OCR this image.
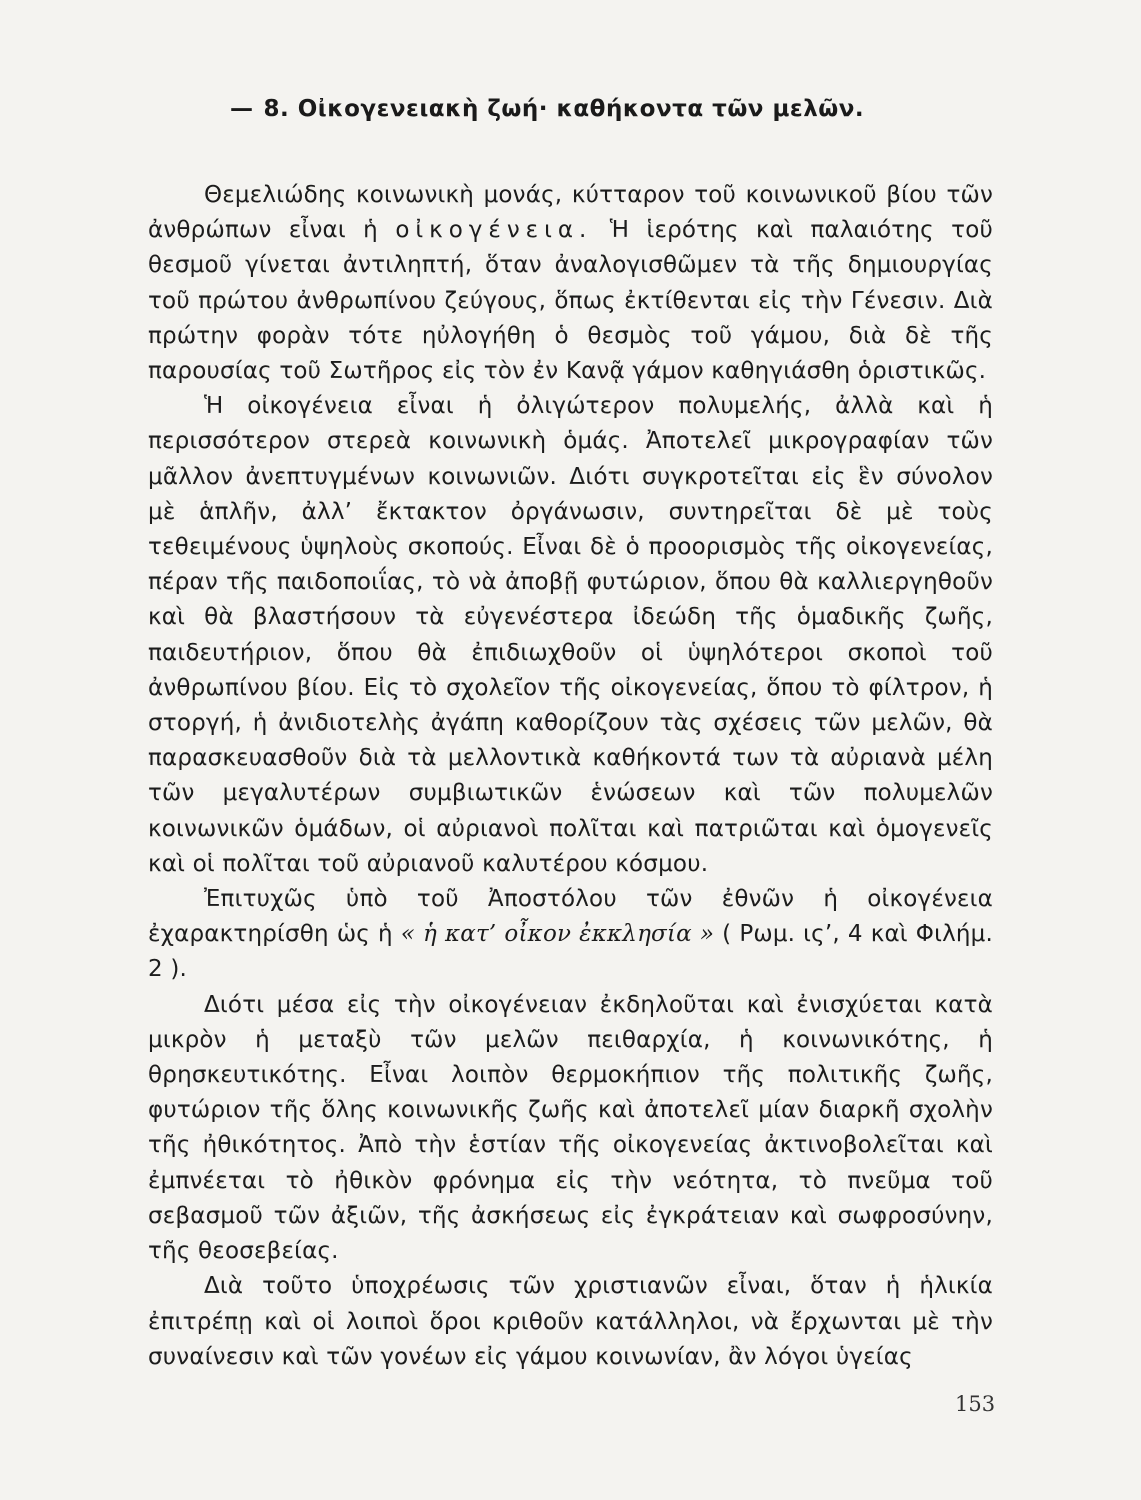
— 8. Οἰκογενειακὴ ζωή· καθήκοντα τῶν μελῶν.

Θεμελιώδης κοινωνικὴ μονάς, κύτταρον τοῦ κοινωνικοῦ βίου τῶν ἀνθρώπων εἶναι ἡ οἰκογένεια. Ἡ ἱερότης καὶ παλαιότης τοῦ θεσμοῦ γίνεται ἀντιληπτή, ὅταν ἀναλογισθῶμεν τὰ τῆς δημιουργίας τοῦ πρώτου ἀνθρωπίνου ζεύγους, ὅπως ἐκτίθενται εἰς τὴν Γένεσιν. Διὰ πρώτην φορὰν τότε ηὐλογήθη ὁ θεσμὸς τοῦ γάμου, διὰ δὲ τῆς παρουσίας τοῦ Σωτῆρος εἰς τὸν ἐν Κανᾷ γάμον καθηγιάσθη ὁριστικῶς.

Ἡ οἰκογένεια εἶναι ἡ ὀλιγώτερον πολυμελής, ἀλλὰ καὶ ἡ περισσότερον στερεὰ κοινωνικὴ ὁμάς. Ἀποτελεῖ μικρογραφίαν τῶν μᾶλλον ἀνεπτυγμένων κοινωνιῶν. Διότι συγκροτεῖται εἰς ἓν σύνολον μὲ ἁπλῆν, ἀλλ’ ἔκτακτον ὀργάνωσιν, συντηρεῖται δὲ μὲ τοὺς τεθειμένους ὑψηλοὺς σκοπούς. Εἶναι δὲ ὁ προορισμὸς τῆς οἰκογενείας, πέραν τῆς παιδοποιΐας, τὸ νὰ ἀποβῇ φυτώριον, ὅπου θὰ καλλιεργηθοῦν καὶ θὰ βλαστήσουν τὰ εὐγενέστερα ἰδεώδη τῆς ὁμαδικῆς ζωῆς, παιδευτήριον, ὅπου θὰ ἐπιδιωχθοῦν οἱ ὑψηλότεροι σκοποὶ τοῦ ἀνθρωπίνου βίου. Εἰς τὸ σχολεῖον τῆς οἰκογενείας, ὅπου τὸ φίλτρον, ἡ στοργή, ἡ ἀνιδιοτελὴς ἀγάπη καθορίζουν τὰς σχέσεις τῶν μελῶν, θὰ παρασκευασθοῦν διὰ τὰ μελλοντικὰ καθήκοντά των τὰ αὐριανὰ μέλη τῶν μεγαλυτέρων συμβιωτικῶν ἑνώσεων καὶ τῶν πολυμελῶν κοινωνικῶν ὁμάδων, οἱ αὐριανοὶ πολῖται καὶ πατριῶται καὶ ὁμογενεῖς καὶ οἱ πολῖται τοῦ αὐριανοῦ καλυτέρου κόσμου.

Ἐπιτυχῶς ὑπὸ τοῦ Ἀποστόλου τῶν ἐθνῶν ἡ οἰκογένεια ἐχαρακτηρίσθη ὡς ἡ « ἡ κατ’ οἶκον ἐκκλησία » ( Ρωμ. ις’, 4 καὶ Φιλήμ. 2 ).

Διότι μέσα εἰς τὴν οἰκογένειαν ἐκδηλοῦται καὶ ἐνισχύεται κατὰ μικρὸν ἡ μεταξὺ τῶν μελῶν πειθαρχία, ἡ κοινωνικότης, ἡ θρησκευτικότης. Εἶναι λοιπὸν θερμοκήπιον τῆς πολιτικῆς ζωῆς, φυτώριον τῆς ὅλης κοινωνικῆς ζωῆς καὶ ἀποτελεῖ μίαν διαρκῆ σχολὴν τῆς ἠθικότητος. Ἀπὸ τὴν ἑστίαν τῆς οἰκογενείας ἀκτινοβολεῖται καὶ ἐμπνέεται τὸ ἠθικὸν φρόνημα εἰς τὴν νεότητα, τὸ πνεῦμα τοῦ σεβασμοῦ τῶν ἀξιῶν, τῆς ἀσκήσεως εἰς ἐγκράτειαν καὶ σωφροσύνην, τῆς θεοσεβείας.

Διὰ τοῦτο ὑποχρέωσις τῶν χριστιανῶν εἶναι, ὅταν ἡ ἡλικία ἐπιτρέπῃ καὶ οἱ λοιποὶ ὅροι κριθοῦν κατάλληλοι, νὰ ἔρχωνται μὲ τὴν συναίνεσιν καὶ τῶν γονέων εἰς γάμου κοινωνίαν, ἂν λόγοι ὑγείας

153
